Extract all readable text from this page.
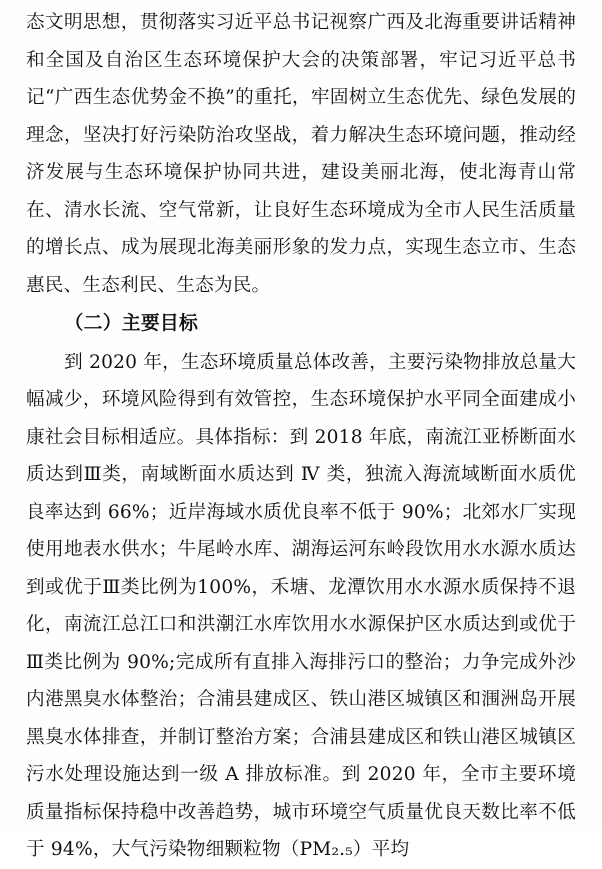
态文明思想，贯彻落实习近平总书记视察广西及北海重要讲话精神和全国及自治区生态环境保护大会的决策部署，牢记习近平总书记“广西生态优势金不换”的重托，牢固树立生态优先、绿色发展的理念，坚决打好污染防治攻坚战，着力解决生态环境问题，推动经济发展与生态环境保护协同共进，建设美丽北海，使北海青山常在、清水长流、空气常新，让良好生态环境成为全市人民生活质量的增长点、成为展现北海美丽形象的发力点，实现生态立市、生态惠民、生态利民、生态为民。

（二）主要目标

到 2020 年，生态环境质量总体改善，主要污染物排放总量大幅减少，环境风险得到有效管控，生态环境保护水平同全面建成小康社会目标相适应。具体指标：到 2018 年底，南流江亚桥断面水质达到Ⅲ类，南域断面水质达到 Ⅳ 类，独流入海流域断面水质优良率达到 66%；近岸海域水质优良率不低于 90%；北郊水厂实现使用地表水供水；牛尾岭水库、湖海运河东岭段饮用水水源水质达到或优于Ⅲ类比例为100%，禾塘、龙潭饮用水水源水质保持不退化，南流江总江口和洪潮江水库饮用水水源保护区水质达到或优于Ⅲ类比例为 90%;完成所有直排入海排污口的整治；力争完成外沙内港黑臭水体整治；合浦县建成区、铁山港区城镇区和涠洲岛开展黑臭水体排查，并制订整治方案；合浦县建成区和铁山港区城镇区污水处理设施达到一级 A 排放标准。到 2020 年，全市主要环境质量指标保持稳中改善趋势，城市环境空气质量优良天数比率不低于 94%，大气污染物细颗粒物（PM₂.₅）平均
